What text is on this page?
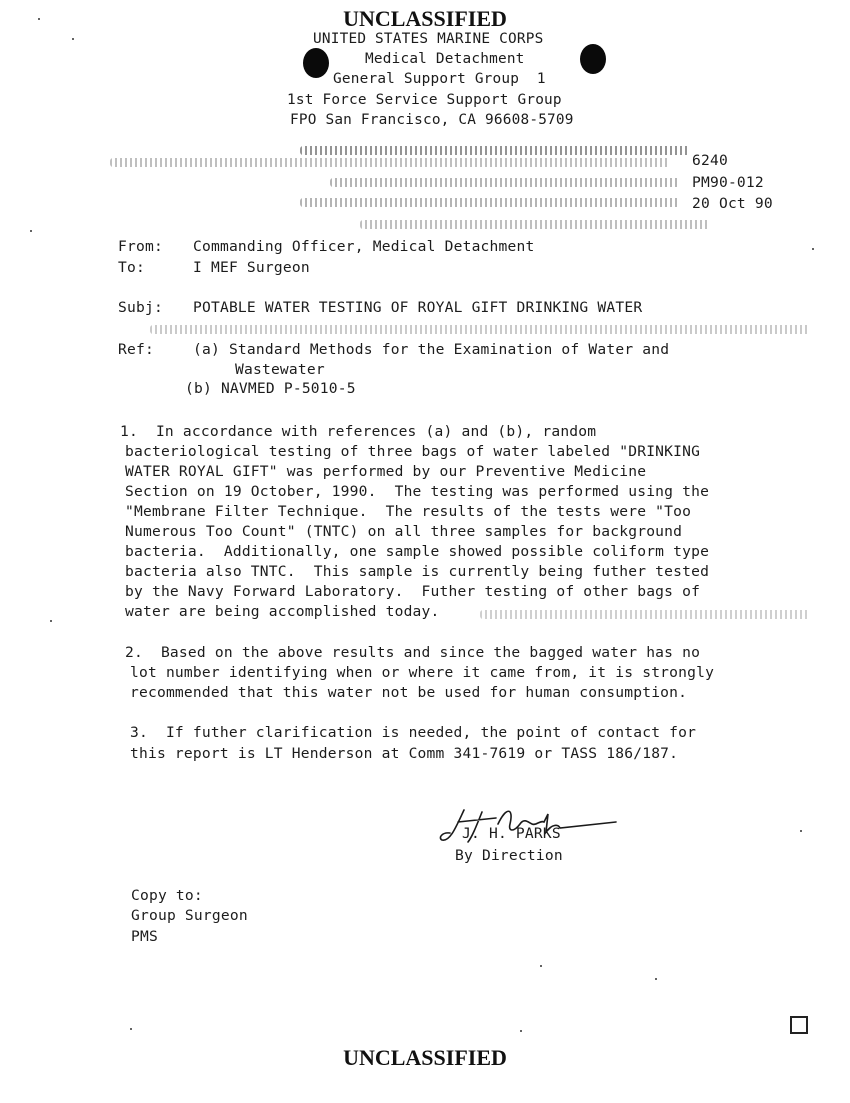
UNCLASSIFIED
UNITED STATES MARINE CORPS
Medical Detachment
General Support Group  1
1st Force Service Support Group
FPO San Francisco, CA 96608-5709
6240
PM90-012
20 Oct 90
From: Commanding Officer, Medical Detachment
To:	I MEF Surgeon
Subj: POTABLE WATER TESTING OF ROYAL GIFT DRINKING WATER
Ref:	(a) Standard Methods for the Examination of Water and
Wastewater
(b) NAVMED P-5010-5
1.  In accordance with references (a) and (b), random
bacteriological testing of three bags of water labeled "DRINKING
WATER ROYAL GIFT" was performed by our Preventive Medicine
Section on 19 October, 1990.  The testing was performed using the
"Membrane Filter Technique.  The results of the tests were "Too
Numerous Too Count" (TNTC) on all three samples for background
bacteria.  Additionally, one sample showed possible coliform type
bacteria also TNTC.  This sample is currently being futher tested
by the Navy Forward Laboratory.  Futher testing of other bags of
water are being accomplished today.
2.  Based on the above results and since the bagged water has no
lot number identifying when or where it came from, it is strongly
recommended that this water not be used for human consumption.
3.  If futher clarification is needed, the point of contact for
this report is LT Henderson at Comm 341-7619 or TASS 186/187.
J. H. PARKS
By Direction
Copy to:
Group Surgeon
PMS
UNCLASSIFIED
